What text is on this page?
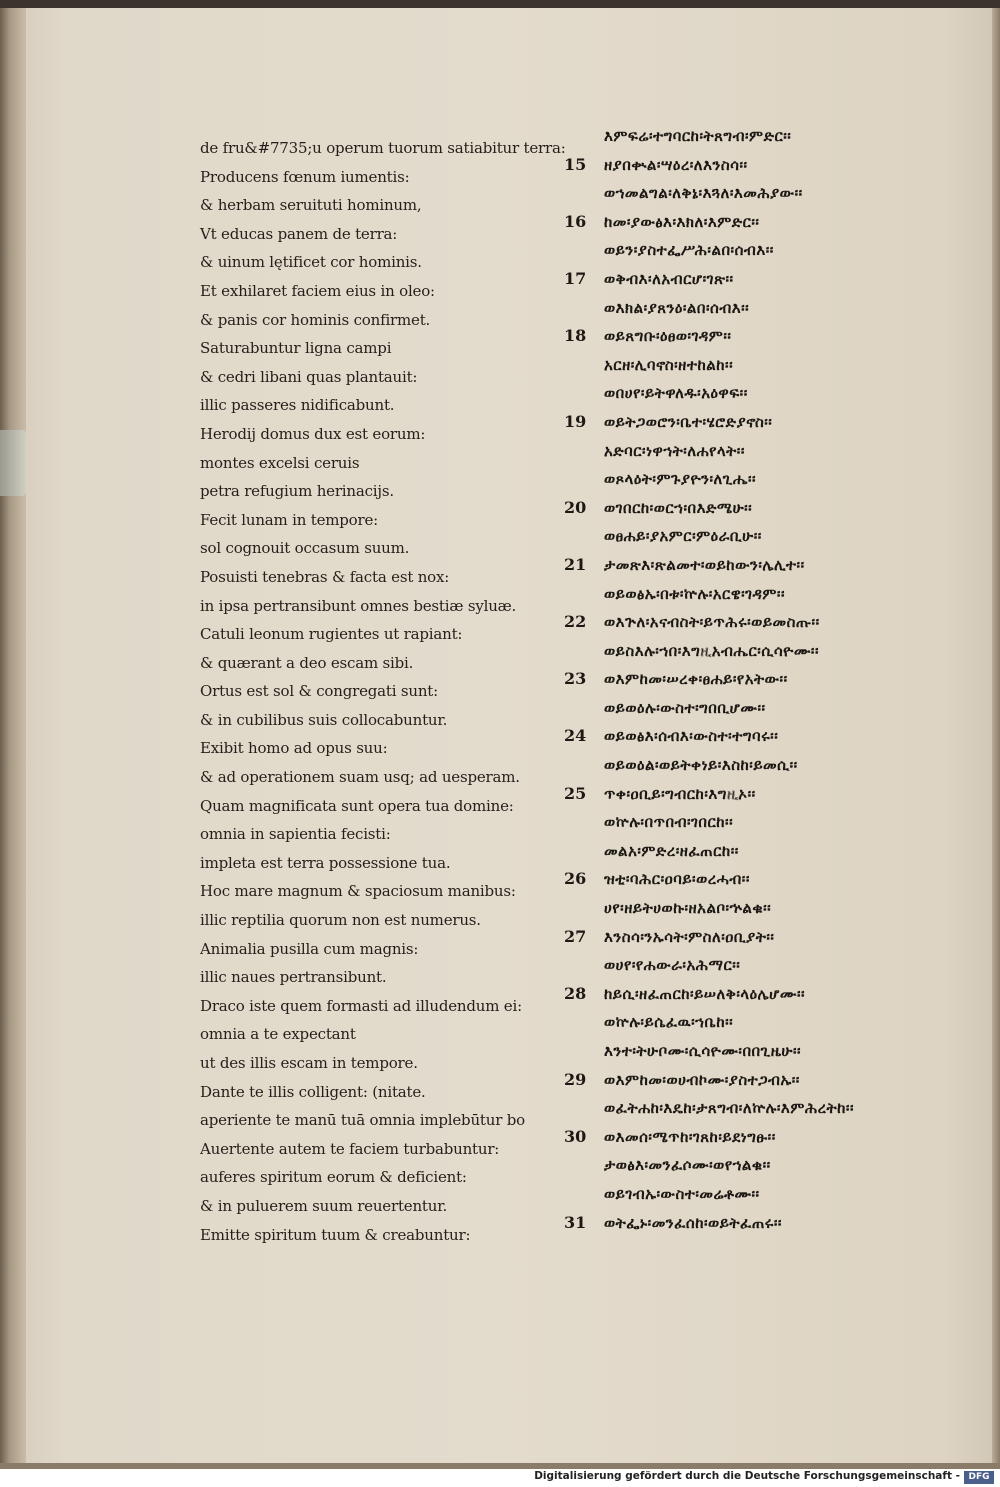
de fru&#7735;u operum tuorum satiabitur terra:
Producens fœnum iumentis:
& herbam seruituti hominum,
Vt educas panem de terra:
& uinum lętificet cor hominis.
Et exhilaret faciem eius in oleo:
& panis cor hominis confirmet.
Saturabuntur ligna campi
& cedri libani quas plantauit:
illic passeres nidificabunt.
Herodij domus dux est eorum:
montes excelsi ceruis
petra refugium herinacijs.
Fecit lunam in tempore:
sol cognouit occasum suum.
Posuisti tenebras & facta est nox:
in ipsa pertransibunt omnes bestiæ syluæ.
Catuli leonum rugientes ut rapiant:
& quærant a deo escam sibi.
Ortus est sol & congregati sunt:
& in cubilibus suis collocabuntur.
Exibit homo ad opus suu:
& ad operationem suam usq; ad uesperam.
Quam magnificata sunt opera tua domine:
omnia in sapientia fecisti:
impleta est terra possessione tua.
Hoc mare magnum & spaciosum manibus:
illic reptilia quorum non est numerus.
Animalia pusilla cum magnis:
illic naues pertransibunt.
Draco iste quem formasti ad illudendum ei:
omnia a te expectant
ut des illis escam in tempore.
Dante te illis colligent: (nitate.
aperiente te manū tuā omnia implebūtur bo
Auertente autem te faciem turbabuntur:
auferes spiritum eorum & deficient:
& in puluerem suum reuertentur.
Emitte spiritum tuum & creabuntur:
እምፍሬ፡ተግባርከ፡ትጸግብ፡ምድር፡፡
15	ዘያበቊል፡ሣዕረ፡ለእንስሳ፡፡
ወኀመልግል፡ለቅኔ፡እጓለ፡እመሕያው፡፡
16	ከመ፡ያውፅእ፡እክለ፡እምድር፡፡
ወይን፡ያስተፌሥሕ፡ልበ፡ሰብእ፡፡
17	ወቅብእ፡ለአብርሆ፡ገጽ፡፡
ወእክል፡ያጸንዕ፡ልበ፡ሰብእ፡፡
18	ወይጸግቡ፡ዕፀወ፡ገዳም፡፡
አርዘ፡ሊባኖስ፡ዘተከልከ፡፡
ወበሀየ፡ይትዋለዱ፡አዕዋፍ፡፡
19	ወይትጋወሮን፡ቤተ፡ሄሮድያኖስ፡፡
አድባር፡ነዋኀት፡ለሐየላት፡፡
ወጾላዕት፡ምጉያዮን፡ለጊሔ፡፡
20	ወገበርከ፡ወርኀ፡በእድሜሁ፡፡
ወፀሐይ፡ያአምር፡ምዕራቢሁ፡፡
21	ታመጽእ፡ጽልመተ፡ወይከውን፡ሌሊተ፡፡
ወይወፅኡ፡በቱ፡ኵሉ፡አርዌ፡ገዳም፡፡
22	ወእጕለ፡አናብስት፡ይጥሕሩ፡ወይመስጡ፡፡
ወይስእሉ፡ኀበ፡እግዚአብሔር፡ሲሳዮሙ፡፡
23	ወእምከመ፡ሠረቀ፡ፀሐይ፡የአትው፡፡
ወይወዕሉ፡ውስተ፡ግበቢሆሙ፡፡
24	ወይወፅእ፡ሰብእ፡ውስተ፡ተግባሩ፡፡
ወይወዕል፡ወይትቀነይ፡እስከ፡ይመሲ፡፡
25	ጥቀ፡ዐቢይ፡ግብርከ፡እግዚኦ፡፡
ወኵሉ፡በጥበብ፡ገበርከ፡፡
መልአ፡ምድረ፡ዘፈጠርከ፡፡
26	ዝቲ፡ባሕር፡ዐባይ፡ወረሓብ፡፡
ሀየ፡ዘይትሀወኩ፡ዘአልቦ፡ኍልቁ፡፡
27	እንስሳ፡ንኡሳት፡ምስለ፡ዐቢያት፡፡
ወሀየ፡የሐውራ፡አሕማር፡፡
28	ከይሲ፡ዘፈጠርከ፡ይሠለቅ፡ላዕሌሆሙ፡፡
ወኵሉ፡ይሴፈዉ፡ኀቤከ፡፡
እንተ፡ትሁቦሙ፡ሲሳዮሙ፡በበጊዜሁ፡፡
29	ወእምከመ፡ወሀብኮሙ፡ያስተጋብኡ፡፡
ወፈትሐከ፡እዴከ፡ታጸግብ፡ለኵሉ፡እምሕረትከ፡፡
30	ወእመሰ፡ሜጥከ፡ገጸከ፡ይደነግፁ፡፡
ታወፅእ፡መንፈሶሙ፡ወየኀልቁ፡፡
ወይገብኡ፡ውስተ፡መሬቶሙ፡፡
31	ወትፌኑ፡መንፈሰከ፡ወይትፈጠሩ፡፡
Digitalisierung gefördert durch die Deutsche Forschungsgemeinschaft - DFG
